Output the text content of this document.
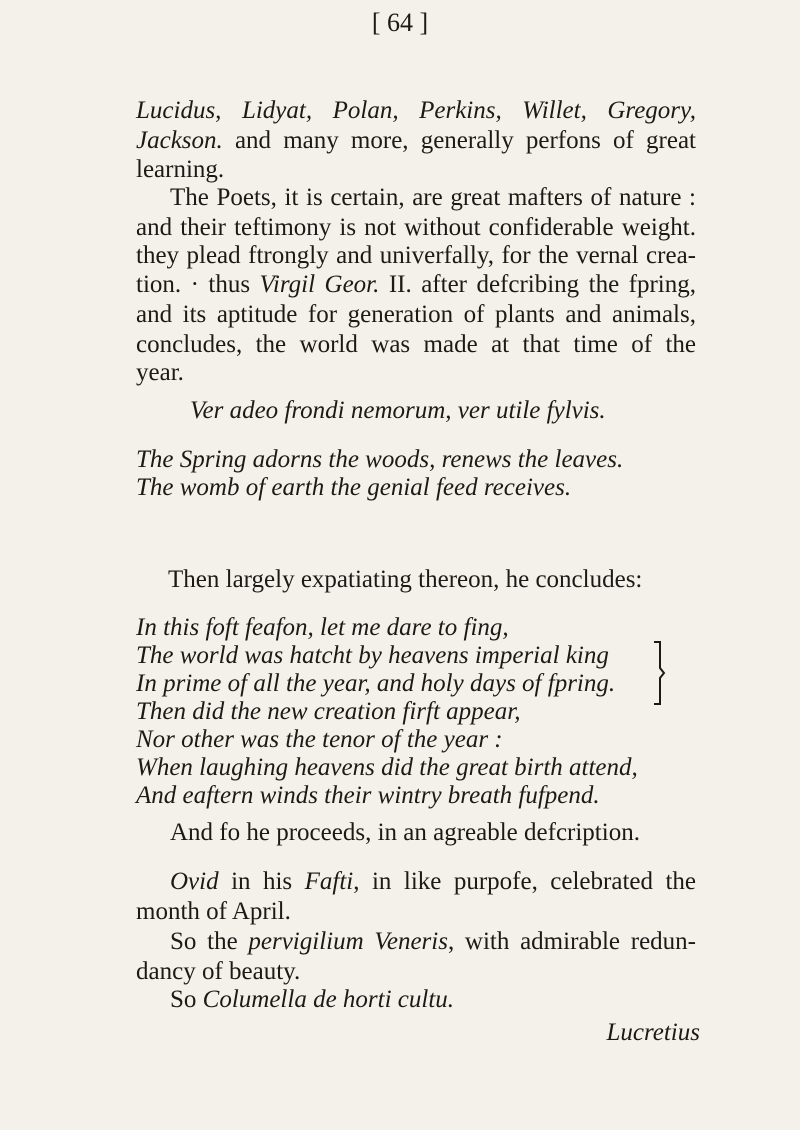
[ 64 ]
Lucidus, Lidyat, Polan, Perkins, Willet, Gregory,
Jackson. and many more, generally perfons of great
learning.
The Poets, it is certain, are great mafters of nature :
and their teftimony is not without confiderable weight.
they plead ftrongly and univerfally, for the vernal crea-
tion. · thus Virgil Geor. II. after defcribing the fpring,
and its aptitude for generation of plants and animals,
concludes, the world was made at that time of the
year.
Ver adeo frondi nemorum, ver utile fylvis.
The Spring adorns the woods, renews the leaves.
The womb of earth the genial feed receives.
Then largely expatiating thereon, he concludes:
In this foft feafon, let me dare to fing,
The world was hatcht by heavens imperial king
In prime of all the year, and holy days of fpring.
Then did the new creation firft appear,
Nor other was the tenor of the year :
When laughing heavens did the great birth attend,
And eaftern winds their wintry breath fufpend.
And fo he proceeds, in an agreable defcription.
Ovid in his Fafti, in like purpofe, celebrated the
month of April.
So the pervigilium Veneris, with admirable redun-
dancy of beauty.
So Columella de horti cultu.
Lucretius
